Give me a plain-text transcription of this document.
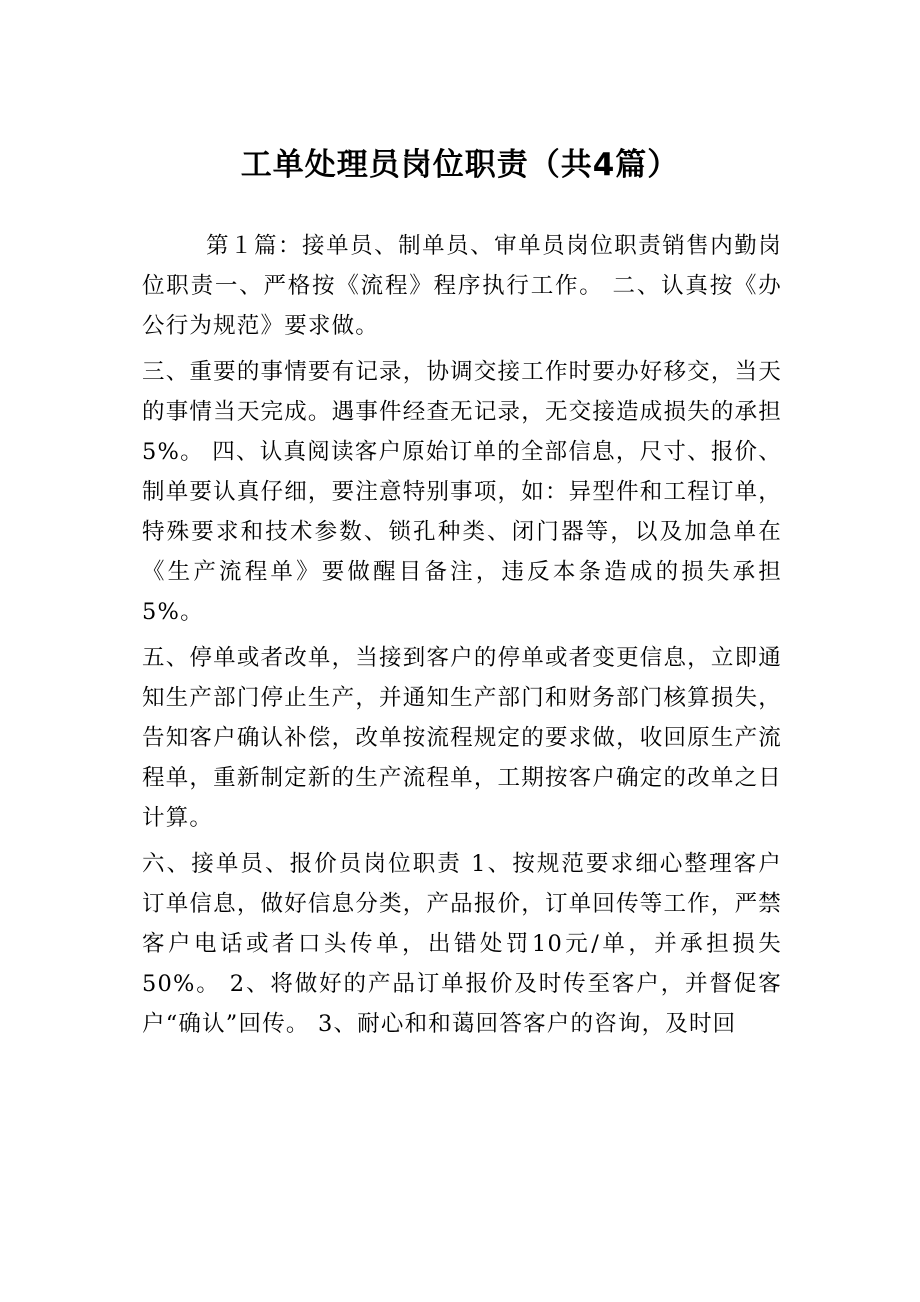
工单处理员岗位职责（共4篇）

第１篇：接单员、制单员、审单员岗位职责销售内勤岗位职责一、严格按《流程》程序执行工作。 二、认真按《办公行为规范》要求做。

三、重要的事情要有记录，协调交接工作时要办好移交，当天的事情当天完成。遇事件经查无记录，无交接造成损失的承担5%。 四、认真阅读客户原始订单的全部信息，尺寸、报价、制单要认真仔细，要注意特别事项，如：异型件和工程订单，特殊要求和技术参数、锁孔种类、闭门器等，以及加急单在《生产流程单》要做醒目备注，违反本条造成的损失承担5%。

五、停单或者改单，当接到客户的停单或者变更信息，立即通知生产部门停止生产，并通知生产部门和财务部门核算损失，告知客户确认补偿，改单按流程规定的要求做，收回原生产流程单，重新制定新的生产流程单，工期按客户确定的改单之日计算。

六、接单员、报价员岗位职责 1、按规范要求细心整理客户订单信息，做好信息分类，产品报价，订单回传等工作，严禁客户电话或者口头传单，出错处罚10元/单，并承担损失50%。 2、将做好的产品订单报价及时传至客户，并督促客户“确认”回传。 3、耐心和和蔼回答客户的咨询，及时回
